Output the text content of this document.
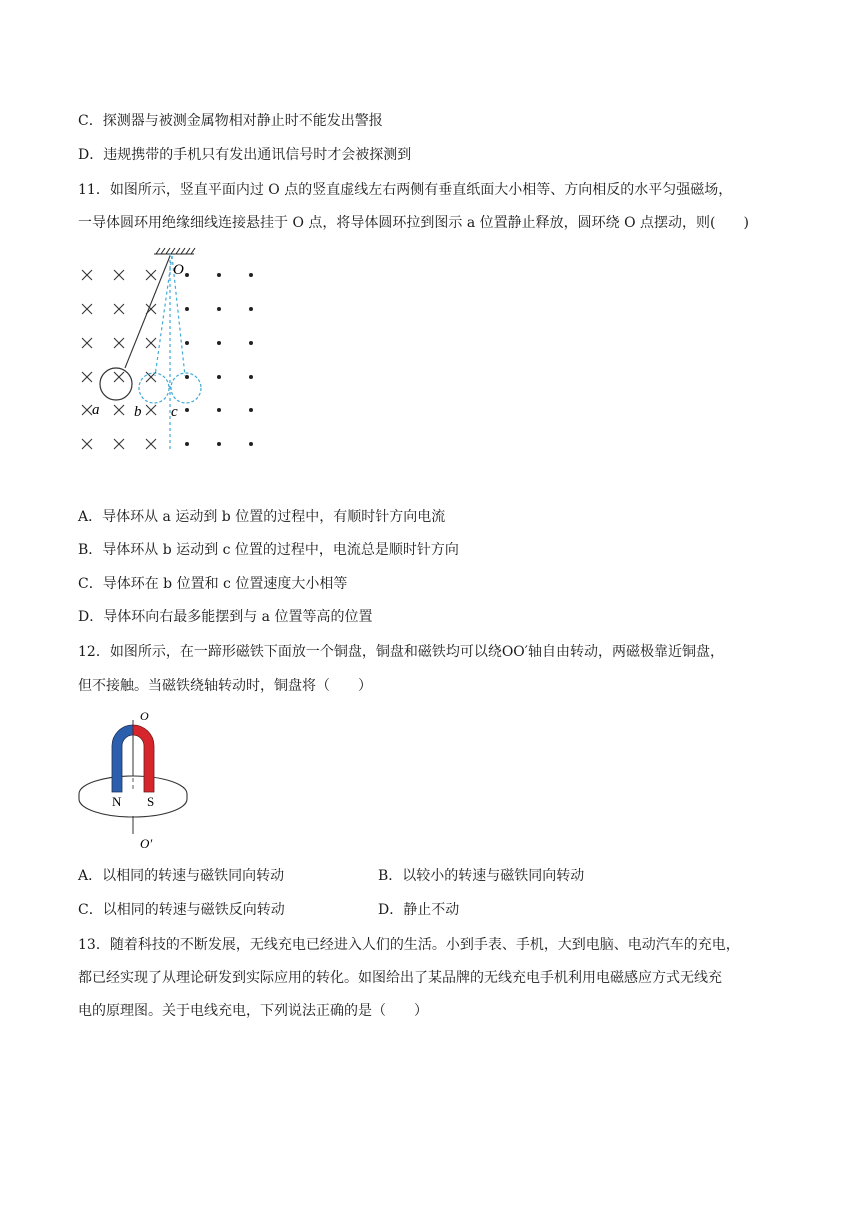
C．探测器与被测金属物相对静止时不能发出警报
D．违规携带的手机只有发出通讯信号时才会被探测到
11．如图所示，竖直平面内过 O 点的竖直虚线左右两侧有垂直纸面大小相等、方向相反的水平匀强磁场，
一导体圆环用绝缘细线连接悬挂于 O 点，将导体圆环拉到图示 a 位置静止释放，圆环绕 O 点摆动，则(　　)
O
a b c
A．导体环从 a 运动到 b 位置的过程中，有顺时针方向电流
B．导体环从 b 运动到 c 位置的过程中，电流总是顺时针方向
C．导体环在 b 位置和 c 位置速度大小相等
D．导体环向右最多能摆到与 a 位置等高的位置
12．如图所示，在一蹄形磁铁下面放一个铜盘，铜盘和磁铁均可以绕OO′轴自由转动，两磁极靠近铜盘，
但不接触。当磁铁绕轴转动时，铜盘将（　　）
O
O′
N S
A．以相同的转速与磁铁同向转动	B．以较小的转速与磁铁同向转动
C．以相同的转速与磁铁反向转动	D．静止不动
13．随着科技的不断发展，无线充电已经进入人们的生活。小到手表、手机，大到电脑、电动汽车的充电，
都已经实现了从理论研发到实际应用的转化。如图给出了某品牌的无线充电手机利用电磁感应方式无线充
电的原理图。关于电线充电，下列说法正确的是（　　）
